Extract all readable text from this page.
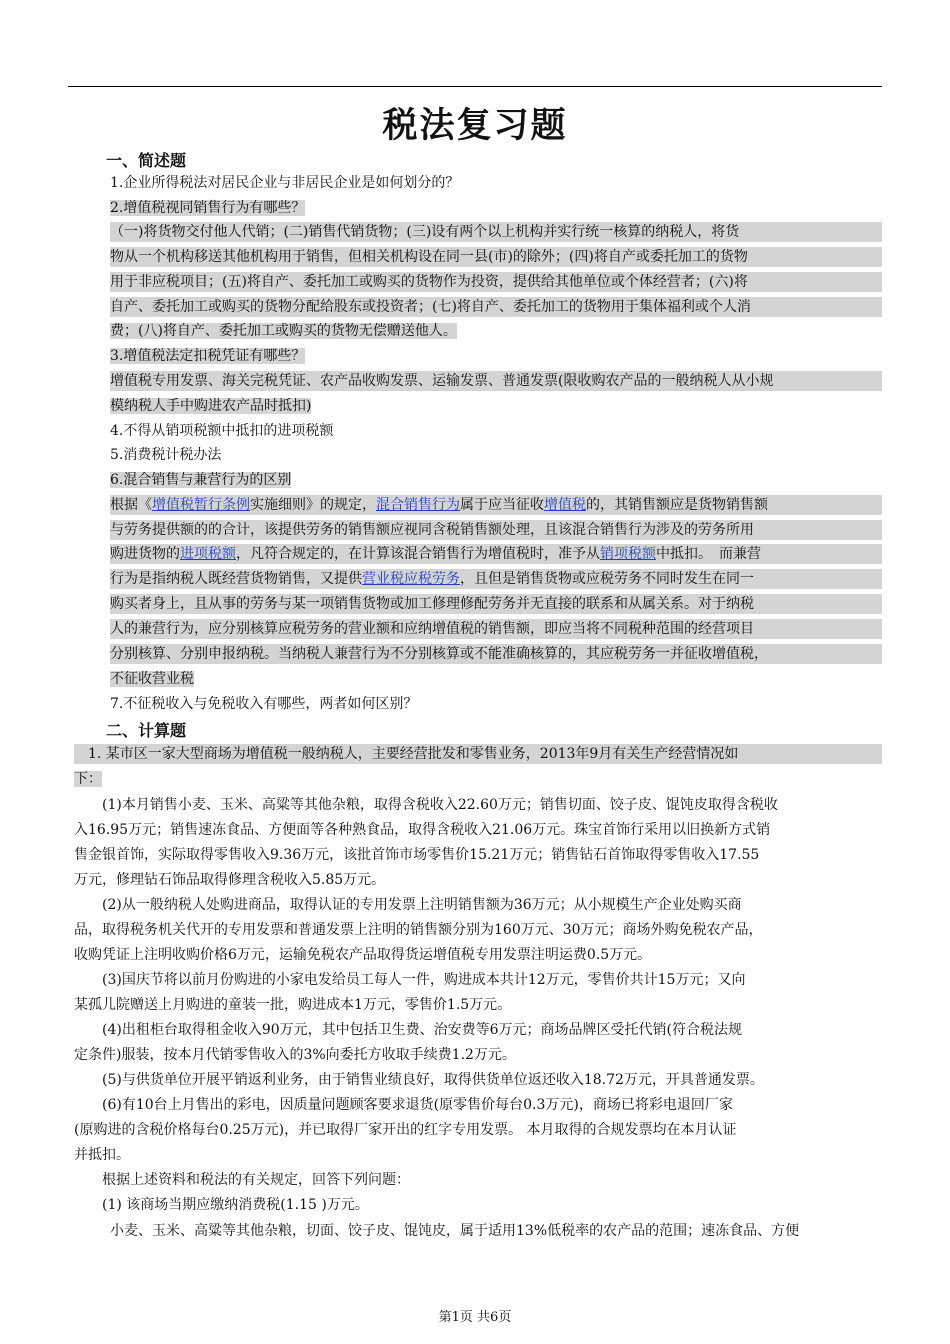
税法复习题
一、简述题
1.企业所得税法对居民企业与非居民企业是如何划分的？
2.增值税视同销售行为有哪些？
（一)将货物交付他人代销；(二)销售代销货物；(三)设有两个以上机构并实行统一核算的纳税人，将货
物从一个机构移送其他机构用于销售，但相关机构设在同一县(市)的除外；(四)将自产或委托加工的货物
用于非应税项目；(五)将自产、委托加工或购买的货物作为投资，提供给其他单位或个体经营者；(六)将
自产、委托加工或购买的货物分配给股东或投资者；(七)将自产、委托加工的货物用于集体福利或个人消
费；(八)将自产、委托加工或购买的货物无偿赠送他人。
3.增值税法定扣税凭证有哪些？
增值税专用发票、海关完税凭证、农产品收购发票、运输发票、普通发票(限收购农产品的一般纳税人从小规
模纳税人手中购进农产品时抵扣)
4.不得从销项税额中抵扣的进项税额
5.消费税计税办法
6.混合销售与兼营行为的区别
根据《增值税暂行条例实施细则》的规定，混合销售行为属于应当征收增值税的，其销售额应是货物销售额
与劳务提供额的的合计，该提供劳务的销售额应视同含税销售额处理，且该混合销售行为涉及的劳务所用
购进货物的进项税额，凡符合规定的，在计算该混合销售行为增值税时，准予从销项税额中抵扣。　而兼营
行为是指纳税人既经营货物销售，又提供营业税应税劳务，且但是销售货物或应税劳务不同时发生在同一
购买者身上，且从事的劳务与某一项销售货物或加工修理修配劳务并无直接的联系和从属关系。对于纳税
人的兼营行为，应分别核算应税劳务的营业额和应纳增值税的销售额，即应当将不同税种范围的经营项目
分别核算、分别申报纳税。当纳税人兼营行为不分别核算或不能准确核算的，其应税劳务一并征收增值税，
不征收营业税
7.不征税收入与免税收入有哪些，两者如何区别？
二、计算题
　1. 某市区一家大型商场为增值税一般纳税人，主要经营批发和零售业务，2013年9月有关生产经营情况如
下：
　　(1)本月销售小麦、玉米、高粱等其他杂粮，取得含税收入22.60万元；销售切面、饺子皮、馄饨皮取得含税收
入16.95万元；销售速冻食品、方便面等各种熟食品，取得含税收入21.06万元。珠宝首饰行采用以旧换新方式销
售金银首饰，实际取得零售收入9.36万元，该批首饰市场零售价15.21万元；销售钻石首饰取得零售收入17.55
万元，修理钻石饰品取得修理含税收入5.85万元。
　　(2)从一般纳税人处购进商品，取得认证的专用发票上注明销售额为36万元；从小规模生产企业处购买商
品，取得税务机关代开的专用发票和普通发票上注明的销售额分别为160万元、30万元；商场外购免税农产品，
收购凭证上注明收购价格6万元，运输免税农产品取得货运增值税专用发票注明运费0.5万元。
　　(3)国庆节将以前月份购进的小家电发给员工每人一件，购进成本共计12万元，零售价共计15万元；又向
某孤儿院赠送上月购进的童装一批，购进成本1万元，零售价1.5万元。
　　(4)出租柜台取得租金收入90万元，其中包括卫生费、治安费等6万元；商场品牌区受托代销(符合税法规
定条件)服装，按本月代销零售收入的3%向委托方收取手续费1.2万元。
　　(5)与供货单位开展平销返利业务，由于销售业绩良好，取得供货单位返还收入18.72万元，开具普通发票。
　　(6)有10台上月售出的彩电，因质量问题顾客要求退货(原零售价每台0.3万元)，商场已将彩电退回厂家
(原购进的含税价格每台0.25万元)，并已取得厂家开出的红字专用发票。 本月取得的合规发票均在本月认证
并抵扣。
　　根据上述资料和税法的有关规定，回答下列问题：
　　(1) 该商场当期应缴纳消费税(1.15 )万元。
小麦、玉米、高粱等其他杂粮，切面、饺子皮、馄饨皮，属于适用13%低税率的农产品的范围；速冻食品、方便
第1页 共6页
